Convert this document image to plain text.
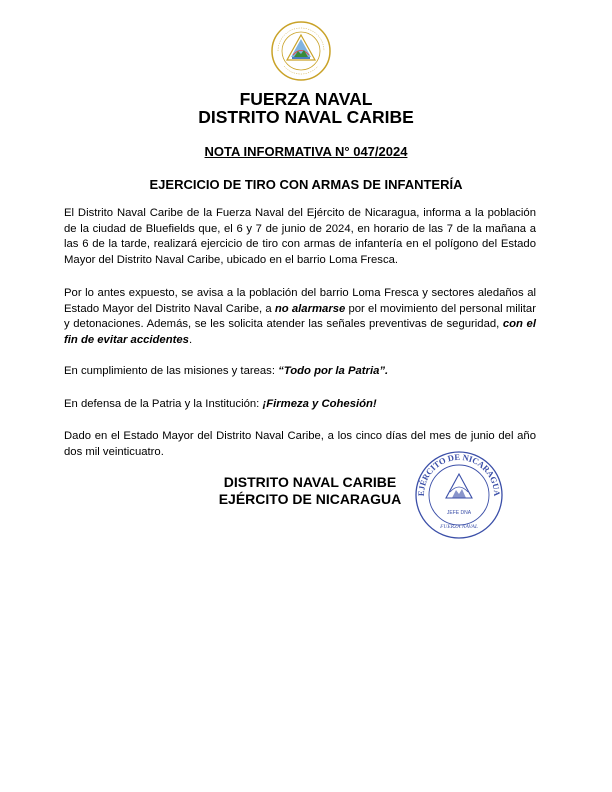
FUERZA NAVAL
DISTRITO NAVAL CARIBE
NOTA INFORMATIVA N° 047/2024
EJERCICIO DE TIRO CON ARMAS DE INFANTERÍA
El Distrito Naval Caribe de la Fuerza Naval del Ejército de Nicaragua, informa a la población de la ciudad de Bluefields que, el 6 y 7 de junio de 2024, en horario de las 7 de la mañana a las 6 de la tarde, realizará ejercicio de tiro con armas de infantería en el polígono del Estado Mayor del Distrito Naval Caribe, ubicado en el barrio Loma Fresca.
Por lo antes expuesto, se avisa a la población del barrio Loma Fresca y sectores aledaños al Estado Mayor del Distrito Naval Caribe, a no alarmarse por el movimiento del personal militar y detonaciones. Además, se les solicita atender las señales preventivas de seguridad, con el fin de evitar accidentes.
En cumplimiento de las misiones y tareas: “Todo por la Patria”.
En defensa de la Patria y la Institución: ¡Firmeza y Cohesión!
Dado en el Estado Mayor del Distrito Naval Caribe, a los cinco días del mes de junio del año dos mil veinticuatro.
DISTRITO NAVAL CARIBE
EJÉRCITO DE NICARAGUA	EJÉRCITO DE NICARAGUA
JEFE DNA
FUERZA NAVAL
